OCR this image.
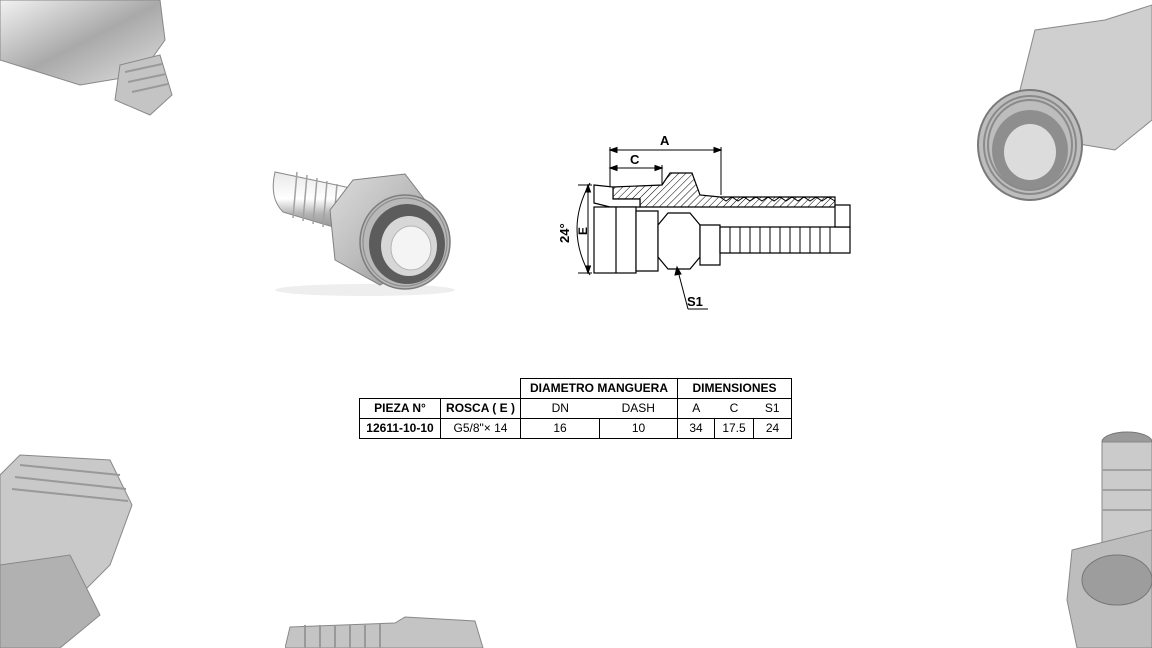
A
C
E
24°
S1
		DIAMETRO MANGUERA		DIMENSIONES		
PIEZA N°	ROSCA ( E )	DN	DASH	A	C	S1
12611-10-10	G5/8"× 14	16	10	34	17.5	24
